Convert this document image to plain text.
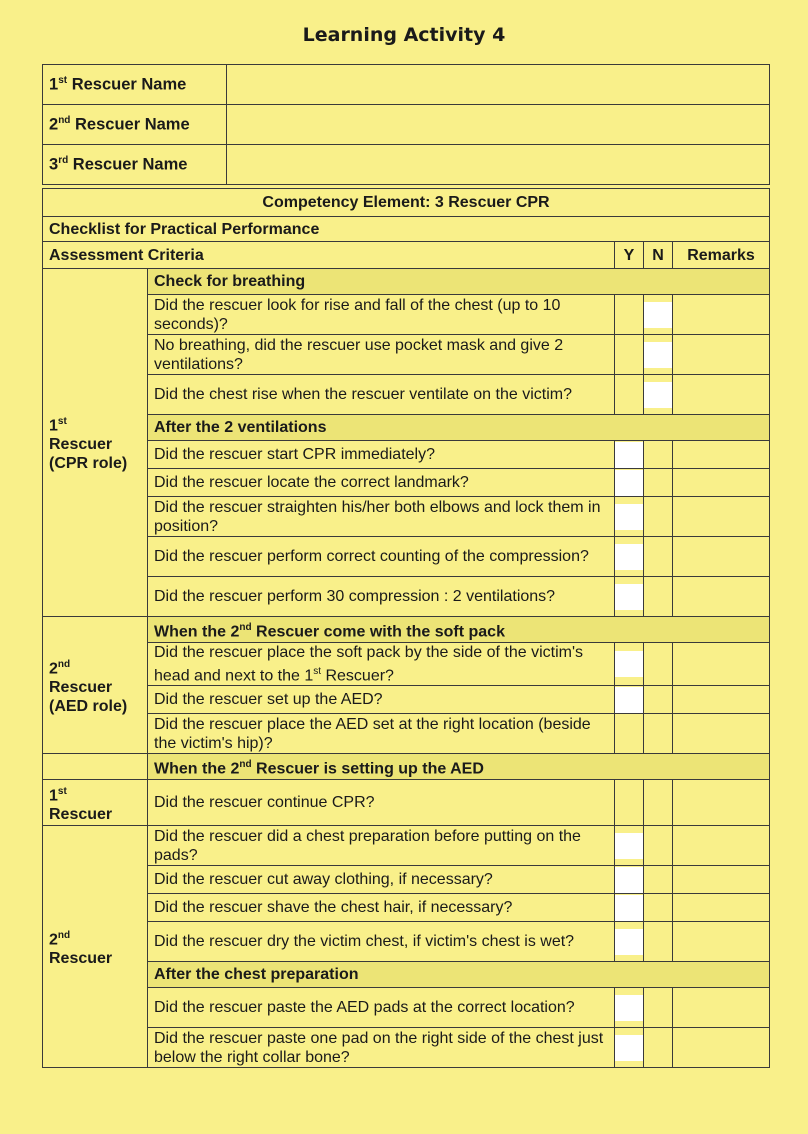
Learning Activity 4
1st Rescuer Name	
2nd Rescuer Name	
3rd Rescuer Name	
Competency Element: 3 Rescuer CPR				
Checklist for Practical Performance				
Assessment Criteria		Y	N	Remarks
1st
Rescuer
(CPR role)	Check for breathing			
	Did the rescuer look for rise and fall of the chest (up to 10 seconds)?		

	No breathing, did the rescuer use pocket mask and give 2 ventilations?		

	Did the chest rise when the rescuer ventilate on the victim?		

	After the 2 ventilations			
	Did the rescuer start CPR immediately?	

	Did the rescuer locate the correct landmark?	

	Did the rescuer straighten his/her both elbows and lock them in position?	

	Did the rescuer perform correct counting of the compression?	

	Did the rescuer perform 30 compression : 2 ventilations?	

2nd
Rescuer
(AED role)	When the 2nd Rescuer come with the soft pack			
	Did the rescuer place the soft pack by the side of the victim's head and next to the 1st Rescuer?	

	Did the rescuer set up the AED?	

	Did the rescuer place the AED set at the right location (beside the victim's hip)?			
	When the 2nd Rescuer is setting up the AED			
1st
Rescuer	Did the rescuer continue CPR?			
2nd
Rescuer	Did the rescuer did a chest preparation before putting on the pads?	

	Did the rescuer cut away clothing, if necessary?	

	Did the rescuer shave the chest hair, if necessary?	

	Did the rescuer dry the victim chest, if victim's chest is wet?	

	After the chest preparation			
	Did the rescuer paste the AED pads at the correct location?	

	Did the rescuer paste one pad on the right side of the chest just below the right collar bone?	
